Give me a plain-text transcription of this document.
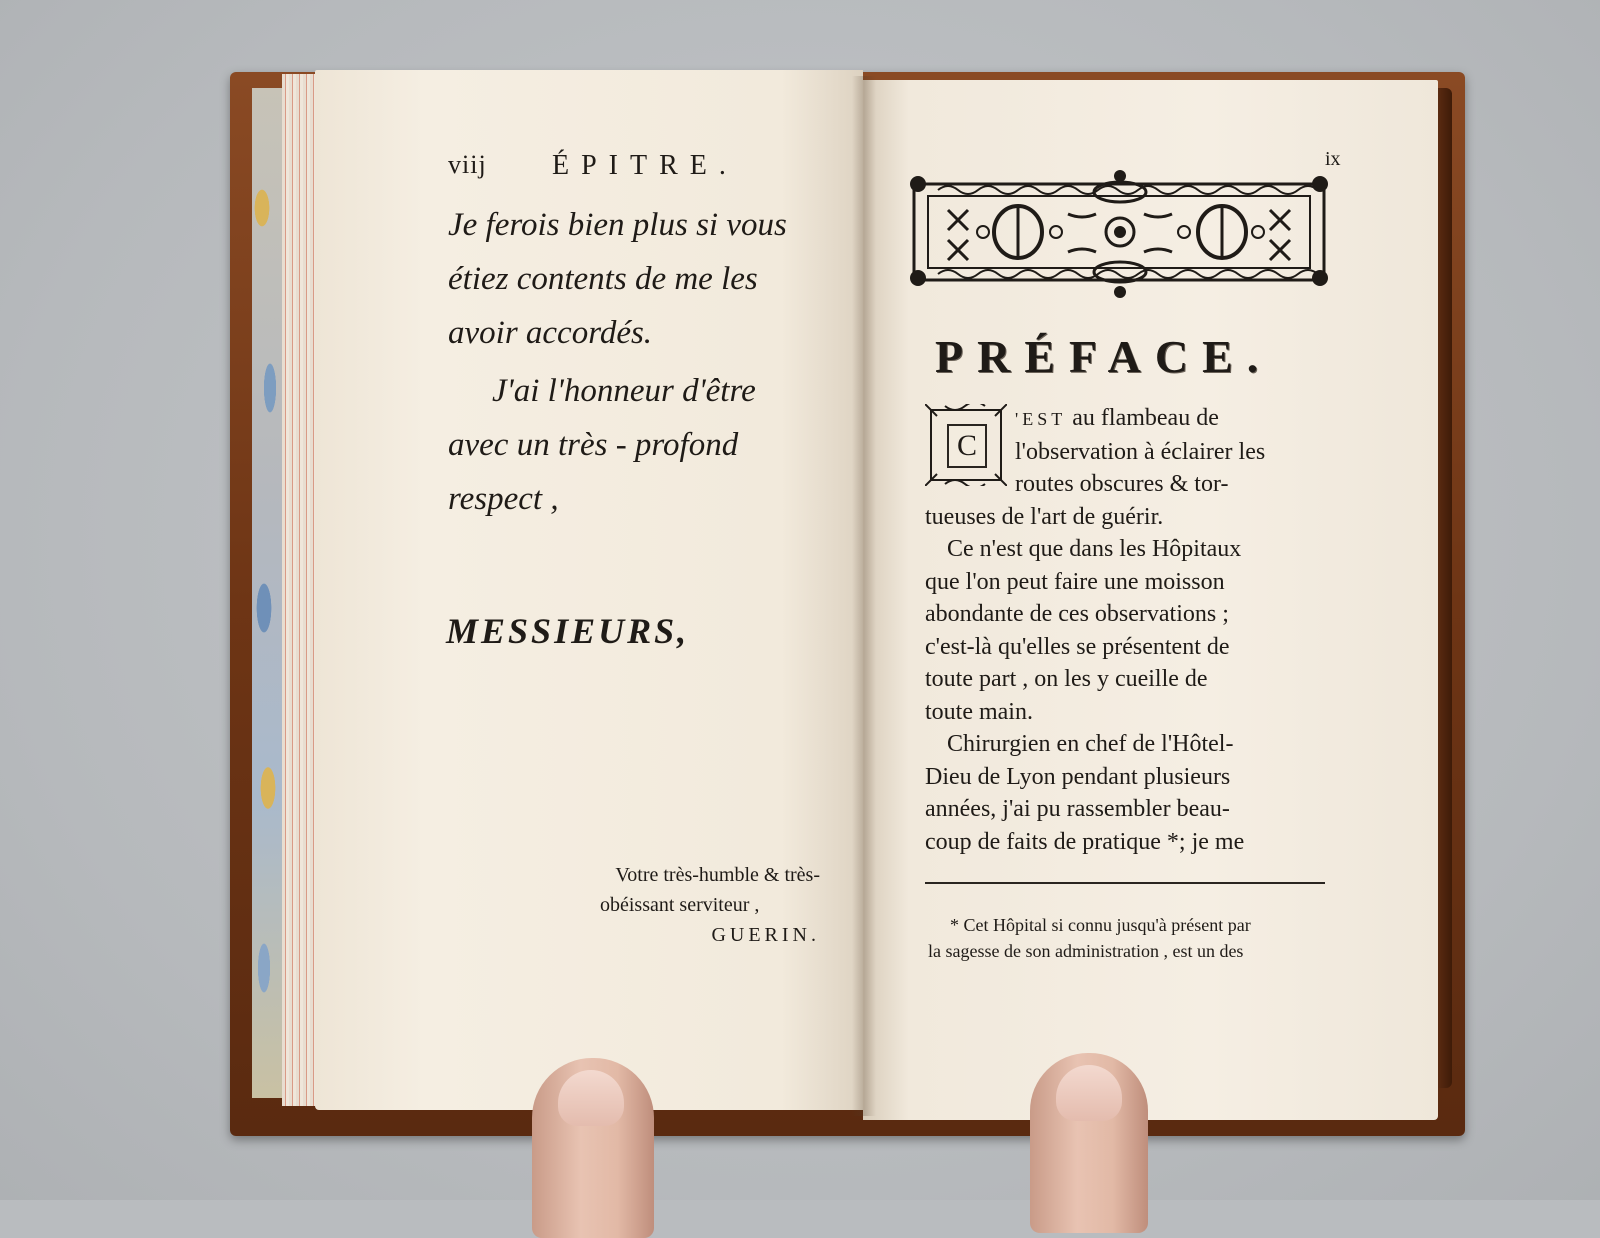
viij ÉPITRE.

Je ferois bien plus si vous

étiez contents de me les

avoir accordés.

J'ai l'honneur d'être

avec un très - profond

respect ,

MESSIEURS,
Votre très-humble & très-
obéissant serviteur ,
GUERIN.
ix
PRÉFACE.
C

'EST au flambeau de

l'observation à éclairer les

routes obscures & tor-

tueuses de l'art de guérir.

Ce n'est que dans les Hôpitaux

que l'on peut faire une moisson

abondante de ces observations ;

c'est-là qu'elles se présentent de

toute part , on les y cueille de

toute main.

Chirurgien en chef de l'Hôtel-

Dieu de Lyon pendant plusieurs

années, j'ai pu rassembler beau-

coup de faits de pratique *; je me

* Cet Hôpital si connu jusqu'à présent par
la sagesse de son administration , est un des
